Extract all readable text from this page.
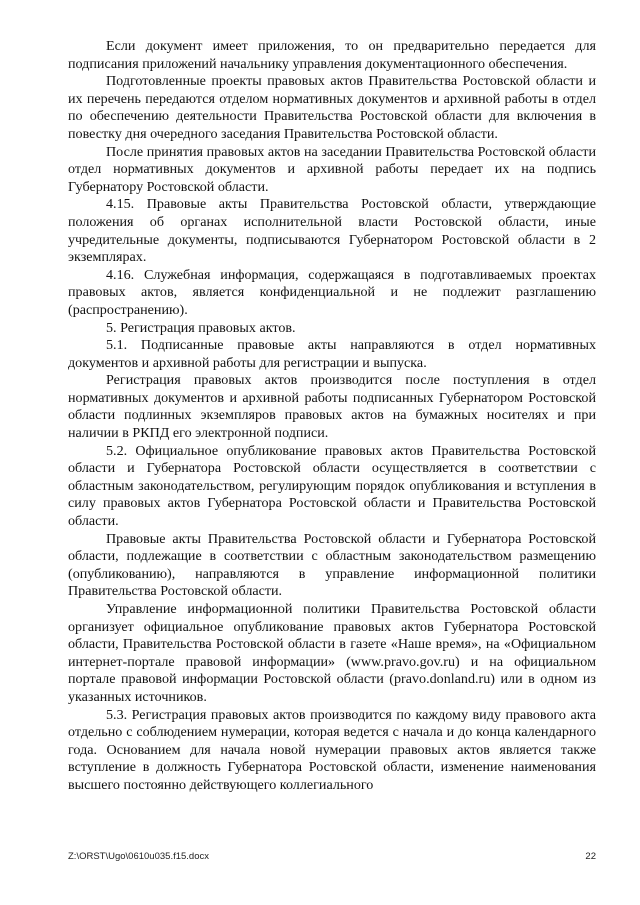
Если документ имеет приложения, то он предварительно передается для подписания приложений начальнику управления документационного обеспечения.

Подготовленные проекты правовых актов Правительства Ростовской области и их перечень передаются отделом нормативных документов и архивной работы в отдел по обеспечению деятельности Правительства Ростовской области для включения в повестку дня очередного заседания Правительства Ростовской области.

После принятия правовых актов на заседании Правительства Ростовской области отдел нормативных документов и архивной работы передает их на подпись Губернатору Ростовской области.

4.15. Правовые акты Правительства Ростовской области, утверждающие положения об органах исполнительной власти Ростовской области, иные учредительные документы, подписываются Губернатором Ростовской области в 2 экземплярах.

4.16. Служебная информация, содержащаяся в подготавливаемых проектах правовых актов, является конфиденциальной и не подлежит разглашению (распространению).

5. Регистрация правовых актов.

5.1. Подписанные правовые акты направляются в отдел нормативных документов и архивной работы для регистрации и выпуска.

Регистрация правовых актов производится после поступления в отдел нормативных документов и архивной работы подписанных Губернатором Ростовской области подлинных экземпляров правовых актов на бумажных носителях и при наличии в РКПД его электронной подписи.

5.2. Официальное опубликование правовых актов Правительства Ростовской области и Губернатора Ростовской области осуществляется в соответствии с областным законодательством, регулирующим порядок опубликования и вступления в силу правовых актов Губернатора Ростовской области и Правительства Ростовской области.

Правовые акты Правительства Ростовской области и Губернатора Ростовской области, подлежащие в соответствии с областным законодательством размещению (опубликованию), направляются в управление информационной политики Правительства Ростовской области.

Управление информационной политики Правительства Ростовской области организует официальное опубликование правовых актов Губернатора Ростовской области, Правительства Ростовской области в газете «Наше время», на «Официальном интернет-портале правовой информации» (www.pravo.gov.ru) и на официальном портале правовой информации Ростовской области (pravo.donland.ru) или в одном из указанных источников.

5.3. Регистрация правовых актов производится по каждому виду правового акта отдельно с соблюдением нумерации, которая ведется с начала и до конца календарного года. Основанием для начала новой нумерации правовых актов является также вступление в должность Губернатора Ростовской области, изменение наименования высшего постоянно действующего коллегиального

Z:\ORST\Ugo\0610u035.f15.docx	22
